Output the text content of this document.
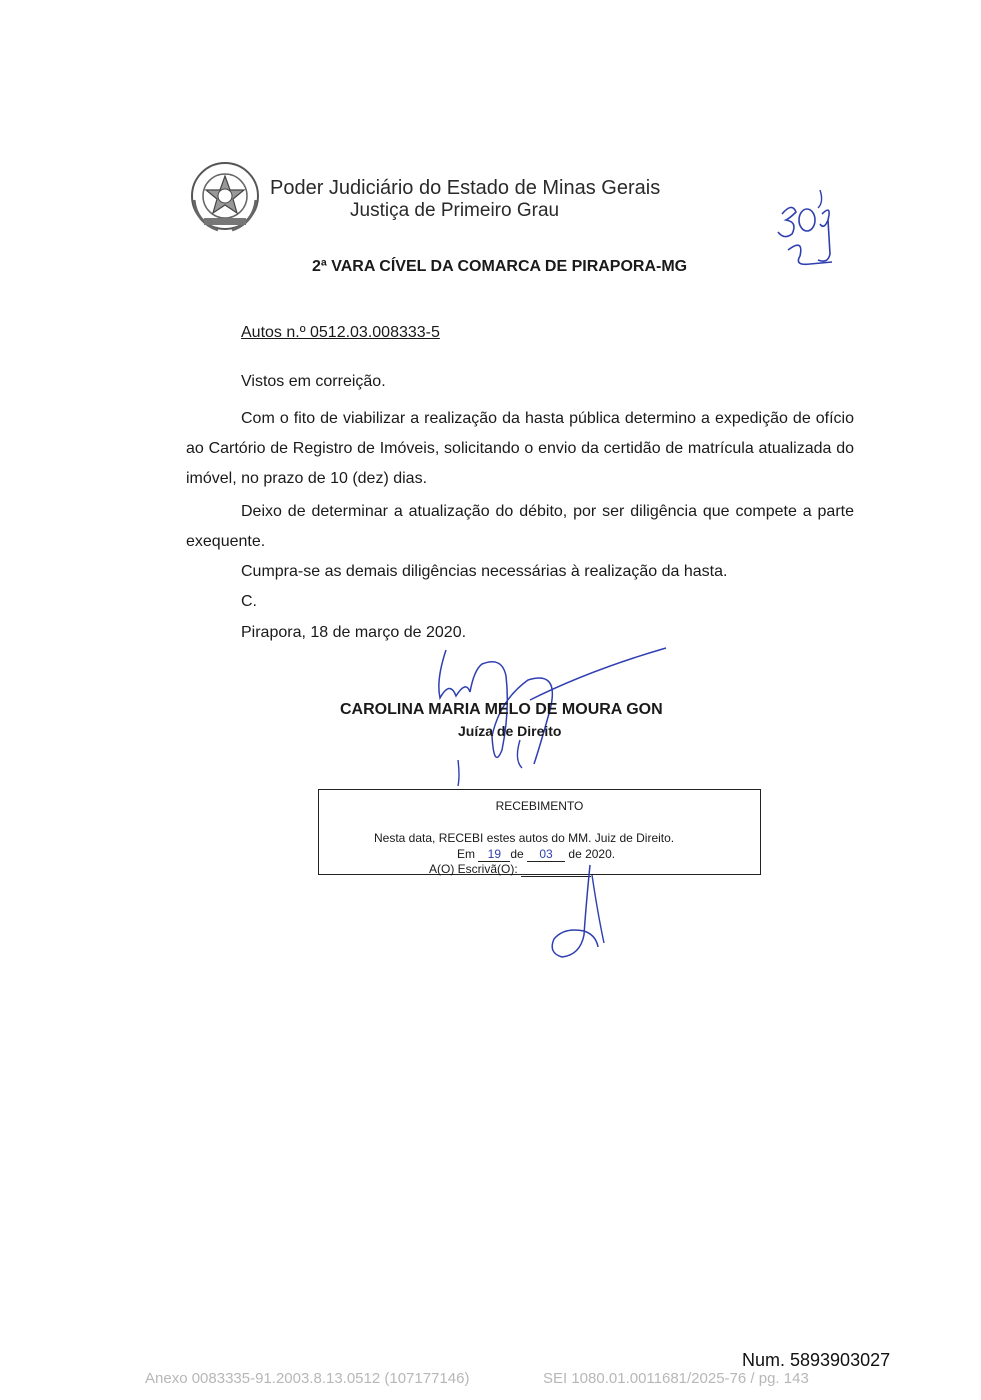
Poder Judiciário do Estado de Minas Gerais
Justiça de Primeiro Grau
2ª VARA CÍVEL DA COMARCA DE PIRAPORA-MG
Autos n.º 0512.03.008333-5
Vistos em correição.
Com o fito de viabilizar a realização da hasta pública determino a expedição de ofício ao Cartório de Registro de Imóveis, solicitando o envio da certidão de matrícula atualizada do imóvel, no prazo de 10 (dez) dias.
Deixo de determinar a atualização do débito, por ser diligência que compete a parte exequente.
Cumpra-se as demais diligências necessárias à realização da hasta.
C.
Pirapora, 18 de março de 2020.
CAROLINA MARIA MELO DE MOURA GON
Juíza de Direito
RECEBIMENTO
Nesta data, RECEBI estes autos do MM. Juiz de Direito.
Em 19 de 03 de 2020.
A(O) Escrivã(O):
Num. 5893903027
Anexo 0083335-91.2003.8.13.0512 (107177146)	SEI 1080.01.0011681/2025-76 / pg. 143
